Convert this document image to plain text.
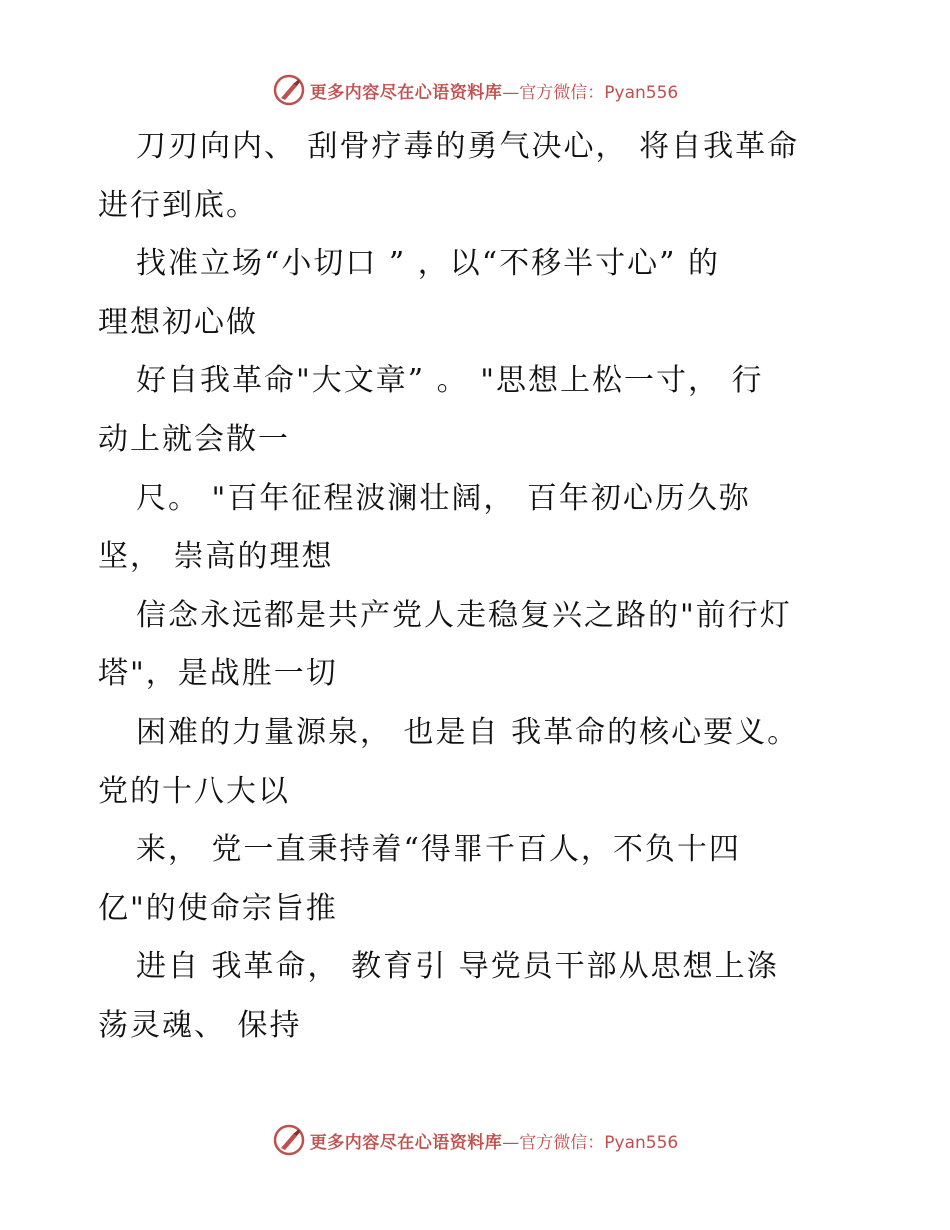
更多内容尽在心语资料库 —官方微信：Pyan556
刀刃向内、 刮骨疗毒的勇气决心， 将自我革命
进行到底。
找准立场“小切口 ” ，以“不移半寸心” 的
理想初心做
好自我革命"大文章” 。 "思想上松一寸， 行
动上就会散一
尺。 "百年征程波澜壮阔， 百年初心历久弥
坚， 崇高的理想
信念永远都是共产党人走稳复兴之路的"前行灯
塔"，是战胜一切
困难的力量源泉， 也是自 我革命的核心要义。
党的十八大以
来， 党一直秉持着“得罪千百人，不负十四
亿"的使命宗旨推
进自 我革命， 教育引 导党员干部从思想上涤
荡灵魂、 保持
更多内容尽在心语资料库 —官方微信：Pyan556
